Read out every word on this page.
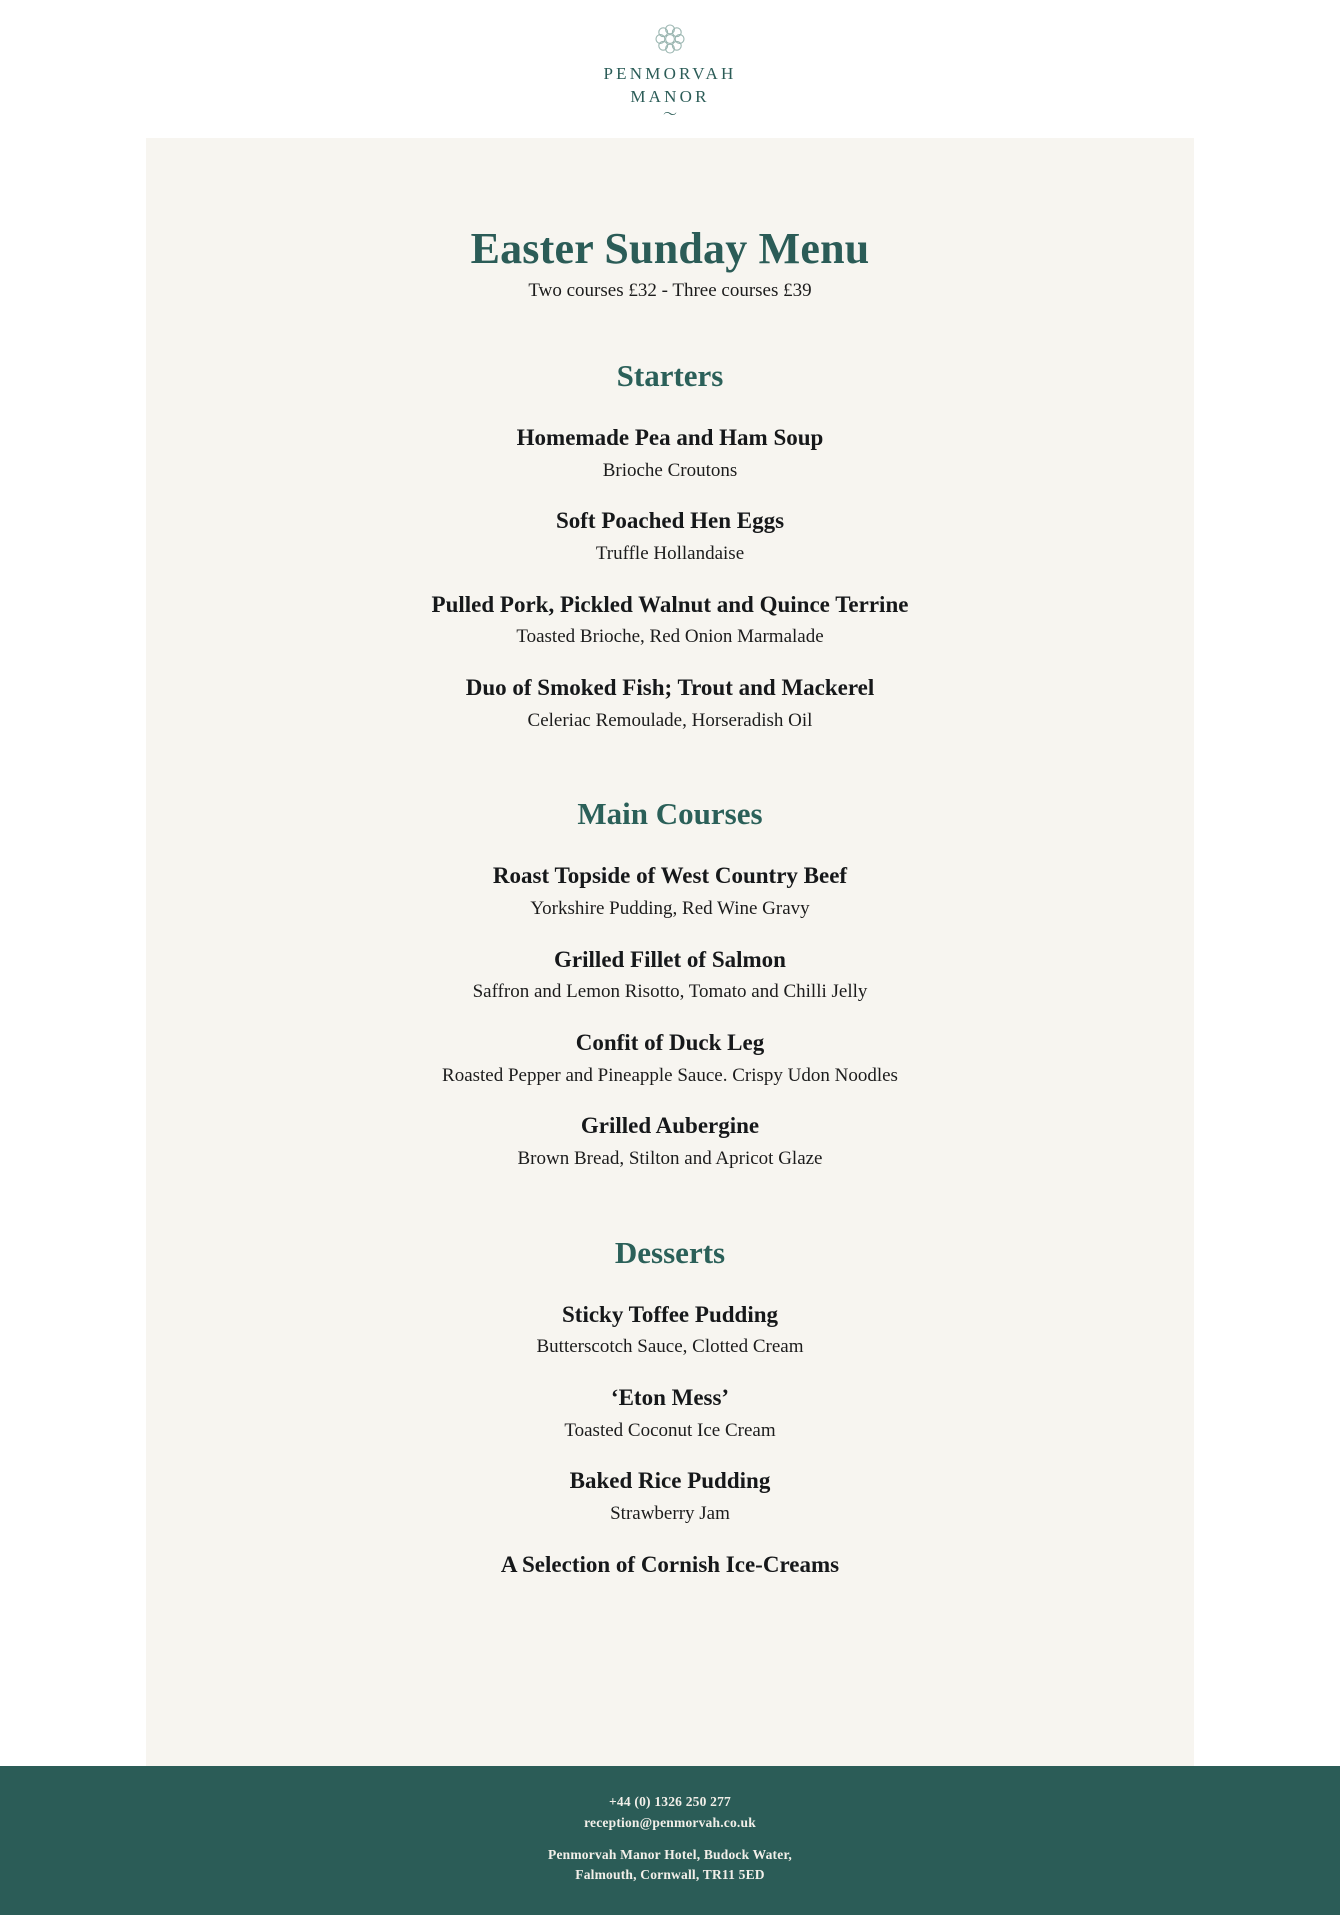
PENMORVAH
MANOR
〜
Easter Sunday Menu

Two courses £32 - Three courses £39

Starters

Homemade Pea and Ham Soup

Brioche Croutons

Soft Poached Hen Eggs

Truffle Hollandaise

Pulled Pork, Pickled Walnut and Quince Terrine

Toasted Brioche, Red Onion Marmalade

Duo of Smoked Fish; Trout and Mackerel

Celeriac Remoulade, Horseradish Oil

Main Courses

Roast Topside of West Country Beef

Yorkshire Pudding, Red Wine Gravy

Grilled Fillet of Salmon

Saffron and Lemon Risotto, Tomato and Chilli Jelly

Confit of Duck Leg

Roasted Pepper and Pineapple Sauce. Crispy Udon Noodles

Grilled Aubergine

Brown Bread, Stilton and Apricot Glaze

Desserts

Sticky Toffee Pudding

Butterscotch Sauce, Clotted Cream

‘Eton Mess’

Toasted Coconut Ice Cream

Baked Rice Pudding

Strawberry Jam

A Selection of Cornish Ice-Creams

+44 (0) 1326 250 277
reception@penmorvah.co.uk
Penmorvah Manor Hotel, Budock Water,
Falmouth, Cornwall, TR11 5ED
